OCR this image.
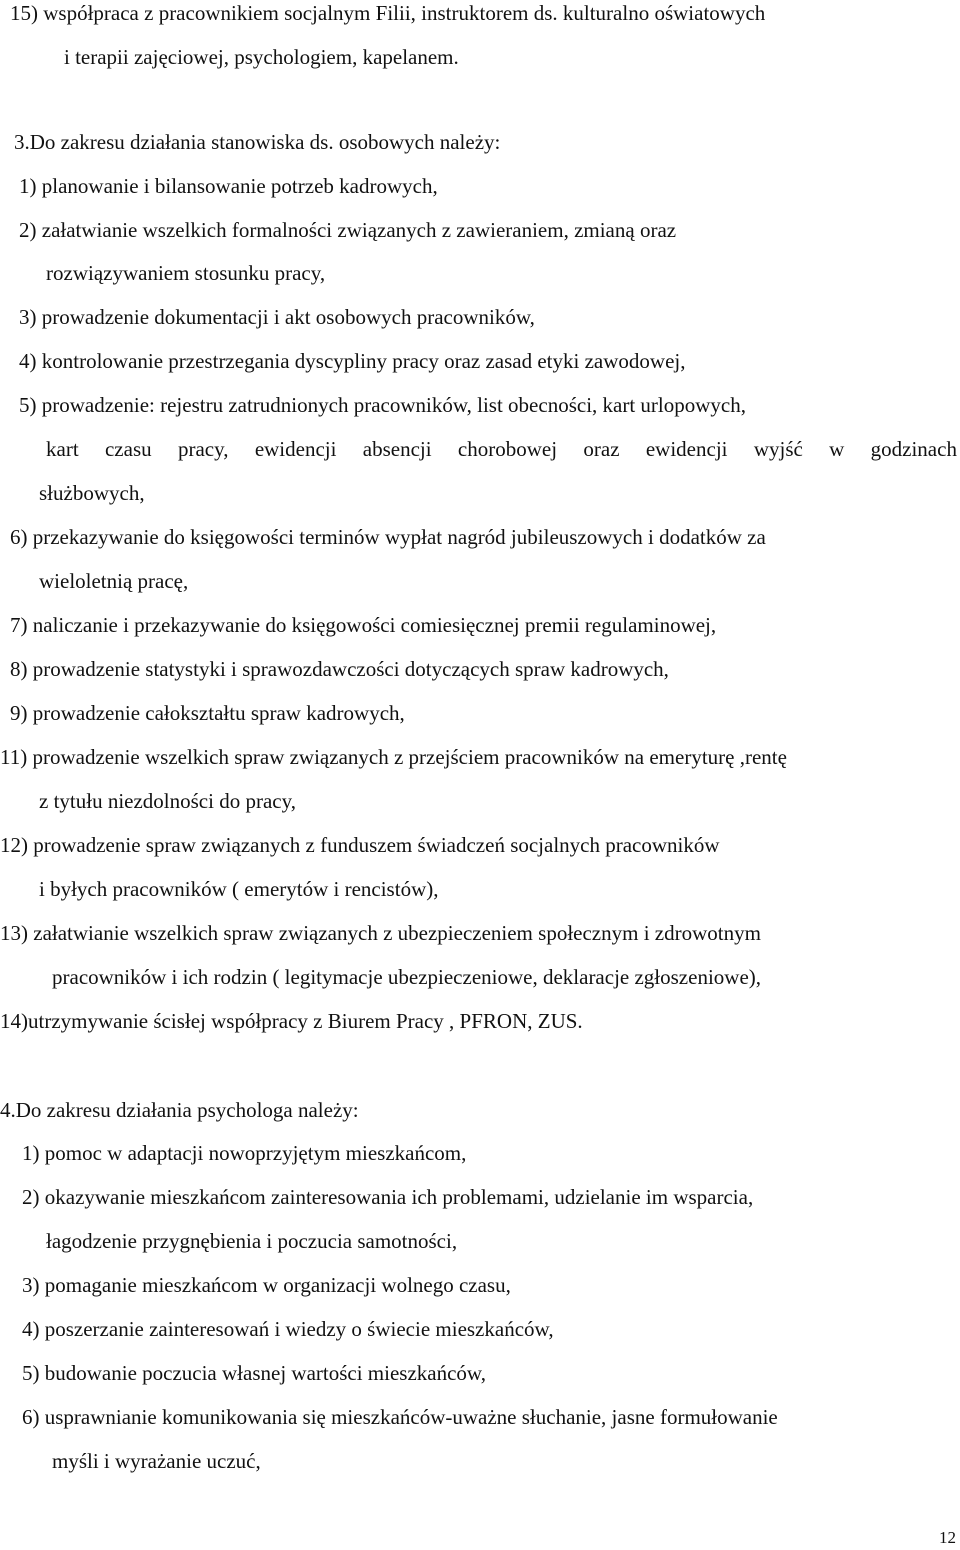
15) współpraca z pracownikiem socjalnym Filii, instruktorem ds. kulturalno oświatowych
i terapii zajęciowej, psychologiem, kapelanem.
3.Do zakresu działania stanowiska ds. osobowych należy:
1) planowanie i bilansowanie potrzeb kadrowych,
2) załatwianie wszelkich formalności związanych z zawieraniem, zmianą oraz
rozwiązywaniem stosunku pracy,
3) prowadzenie dokumentacji i akt osobowych pracowników,
4) kontrolowanie przestrzegania dyscypliny pracy oraz zasad etyki zawodowej,
5) prowadzenie: rejestru zatrudnionych pracowników, list obecności, kart urlopowych,
kart czasu pracy, ewidencji absencji chorobowej oraz ewidencji wyjść w godzinach
służbowych,
6) przekazywanie do księgowości terminów wypłat nagród jubileuszowych i dodatków za
wieloletnią pracę,
7) naliczanie i przekazywanie do księgowości comiesięcznej premii regulaminowej,
8) prowadzenie statystyki i sprawozdawczości dotyczących spraw kadrowych,
9) prowadzenie całokształtu spraw kadrowych,
11) prowadzenie wszelkich spraw związanych z przejściem pracowników na emeryturę ,rentę
z tytułu niezdolności do pracy,
12) prowadzenie spraw związanych z funduszem świadczeń socjalnych pracowników
i byłych pracowników ( emerytów i rencistów),
13) załatwianie wszelkich spraw związanych z ubezpieczeniem społecznym i zdrowotnym
pracowników i ich rodzin ( legitymacje ubezpieczeniowe, deklaracje zgłoszeniowe),
14)utrzymywanie ścisłej współpracy z Biurem Pracy , PFRON, ZUS.
4.Do zakresu działania psychologa należy:
1) pomoc w adaptacji nowoprzyjętym mieszkańcom,
2) okazywanie mieszkańcom zainteresowania ich problemami, udzielanie im wsparcia,
łagodzenie przygnębienia i poczucia samotności,
3) pomaganie mieszkańcom w organizacji wolnego czasu,
4) poszerzanie zainteresowań i wiedzy o świecie mieszkańców,
5) budowanie poczucia własnej wartości mieszkańców,
6) usprawnianie komunikowania się mieszkańców-uważne słuchanie, jasne formułowanie
myśli i wyrażanie uczuć,
12
